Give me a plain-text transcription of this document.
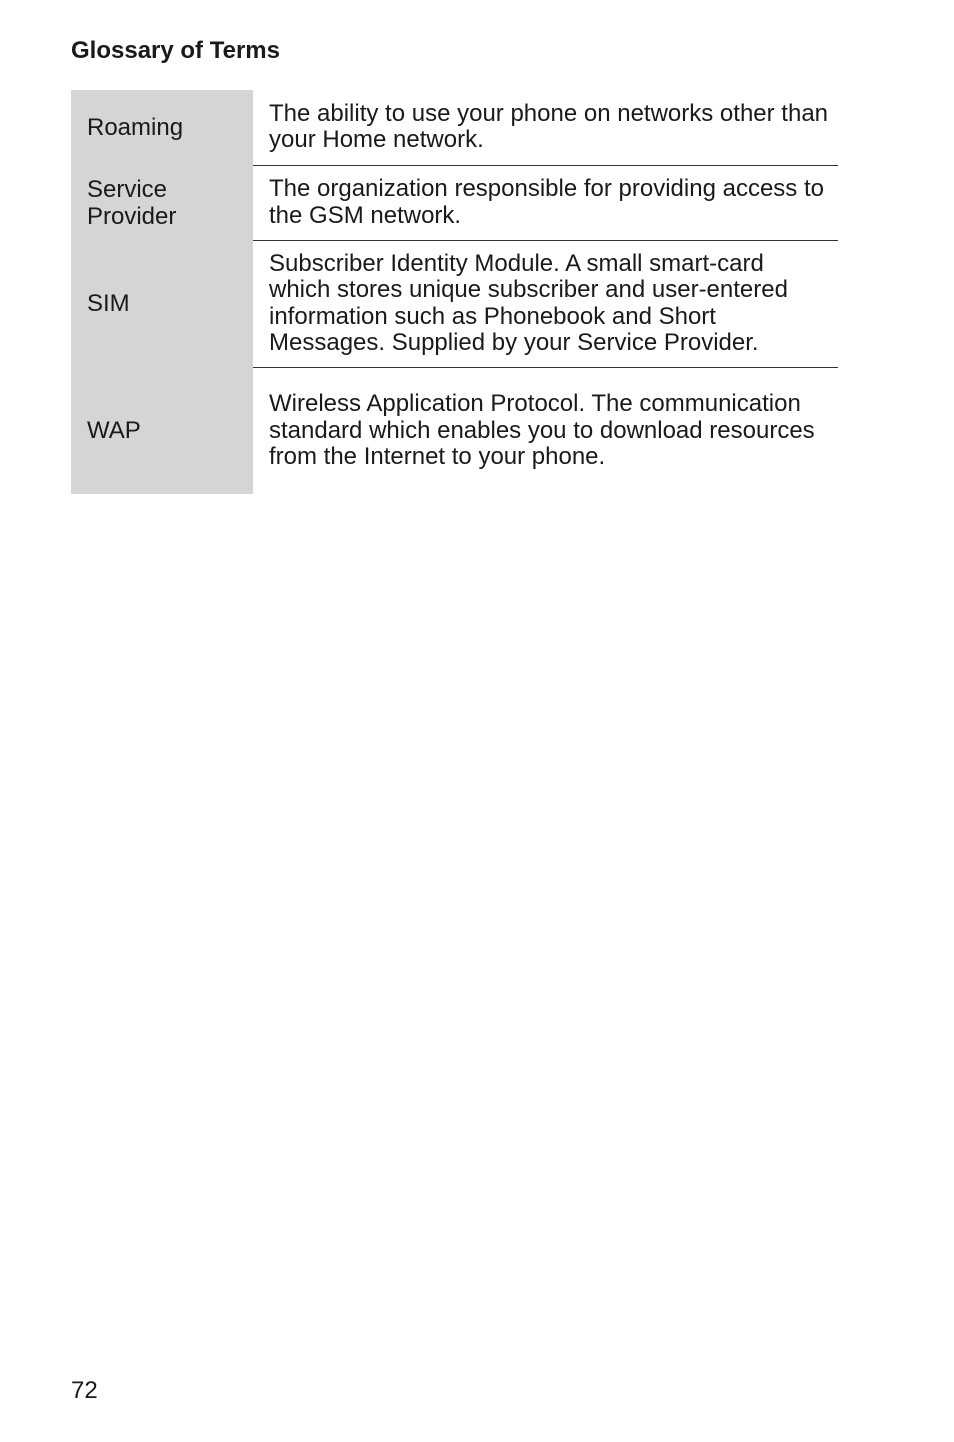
Glossary of Terms
Roaming	The ability to use your phone on networks other than your Home network.
Service
Provider	The organization responsible for providing access to the GSM network.
SIM	Subscriber Identity Module. A small smart-card which stores unique subscriber and user-entered information such as Phonebook and Short Messages. Supplied by your Service Provider.
WAP	Wireless Application Protocol. The communication standard which enables you to download resources from the Internet to your phone.
72
